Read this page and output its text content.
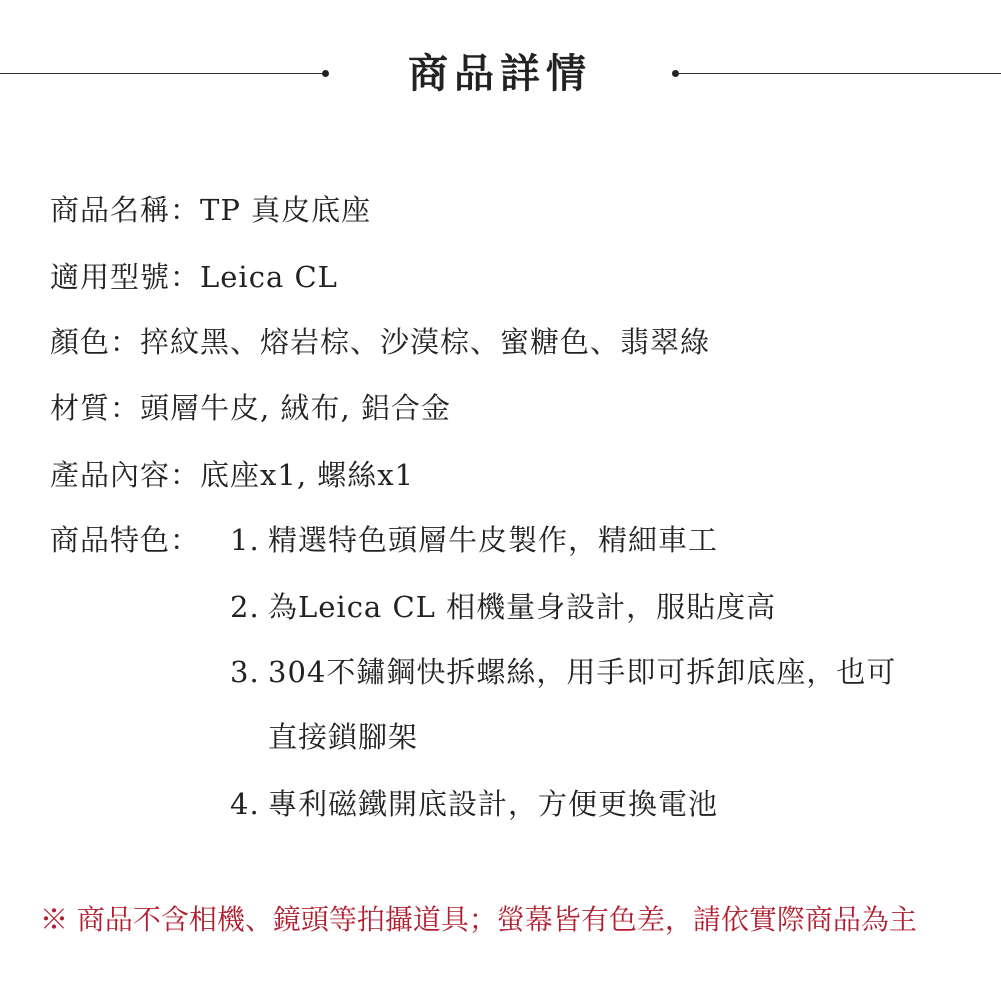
商品詳情
商品名稱：TP 真皮底座
適用型號：Leica CL
顏色：捽紋黑、熔岩棕、沙漠棕、蜜糖色、翡翠綠
材質：頭層牛皮, 絨布, 鋁合金
產品內容：底座x1, 螺絲x1
商品特色： 1. 精選特色頭層牛皮製作，精細車工
2. 為Leica CL 相機量身設計，服貼度高
3. 304不鏽鋼快拆螺絲，用手即可拆卸底座，也可
直接鎖腳架
4. 專利磁鐵開底設計，方便更換電池
※ 商品不含相機、鏡頭等拍攝道具；螢幕皆有色差，請依實際商品為主
